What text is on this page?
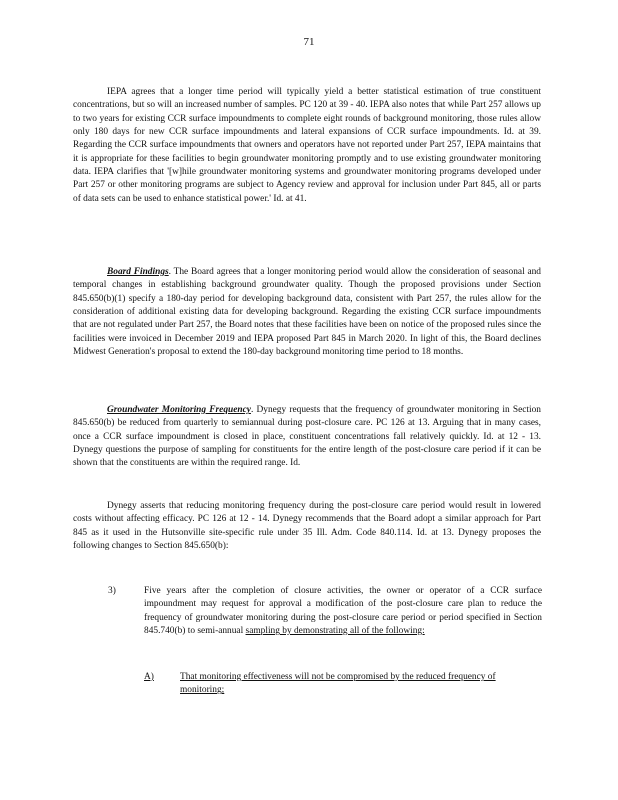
71

IEPA agrees that a longer time period will typically yield a better statistical estimation of true constituent concentrations, but so will an increased number of samples. PC 120 at 39 - 40. IEPA also notes that while Part 257 allows up to two years for existing CCR surface impoundments to complete eight rounds of background monitoring, those rules allow only 180 days for new CCR surface impoundments and lateral expansions of CCR surface impoundments. Id. at 39. Regarding the CCR surface impoundments that owners and operators have not reported under Part 257, IEPA maintains that it is appropriate for these facilities to begin groundwater monitoring promptly and to use existing groundwater monitoring data. IEPA clarifies that '[w]hile groundwater monitoring systems and groundwater monitoring programs developed under Part 257 or other monitoring programs are subject to Agency review and approval for inclusion under Part 845, all or parts of data sets can be used to enhance statistical power.' Id. at 41.

Board Findings. The Board agrees that a longer monitoring period would allow the consideration of seasonal and temporal changes in establishing background groundwater quality. Though the proposed provisions under Section 845.650(b)(1) specify a 180-day period for developing background data, consistent with Part 257, the rules allow for the consideration of additional existing data for developing background. Regarding the existing CCR surface impoundments that are not regulated under Part 257, the Board notes that these facilities have been on notice of the proposed rules since the facilities were invoiced in December 2019 and IEPA proposed Part 845 in March 2020. In light of this, the Board declines Midwest Generation's proposal to extend the 180-day background monitoring time period to 18 months.

Groundwater Monitoring Frequency. Dynegy requests that the frequency of groundwater monitoring in Section 845.650(b) be reduced from quarterly to semiannual during post-closure care. PC 126 at 13. Arguing that in many cases, once a CCR surface impoundment is closed in place, constituent concentrations fall relatively quickly. Id. at 12 - 13. Dynegy questions the purpose of sampling for constituents for the entire length of the post-closure care period if it can be shown that the constituents are within the required range. Id.

Dynegy asserts that reducing monitoring frequency during the post-closure care period would result in lowered costs without affecting efficacy. PC 126 at 12 - 14. Dynegy recommends that the Board adopt a similar approach for Part 845 as it used in the Hutsonville site-specific rule under 35 Ill. Adm. Code 840.114. Id. at 13. Dynegy proposes the following changes to Section 845.650(b):

3)	Five years after the completion of closure activities, the owner or operator of a CCR surface impoundment may request for approval a modification of the post-closure care plan to reduce the frequency of groundwater monitoring during the post-closure care period or period specified in Section 845.740(b) to semi-annual sampling by demonstrating all of the following:

A)	That monitoring effectiveness will not be compromised by the reduced frequency of monitoring;
